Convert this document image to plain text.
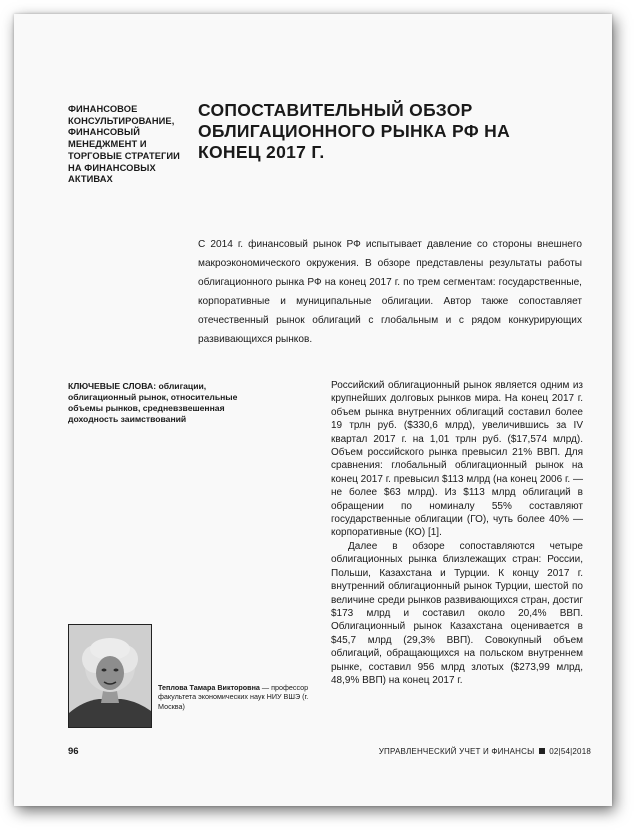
ФИНАНСОВОЕ КОНСУЛЬТИРОВАНИЕ, ФИНАНСОВЫЙ МЕНЕДЖМЕНТ И ТОРГОВЫЕ СТРАТЕГИИ НА ФИНАНСОВЫХ АКТИВАХ
СОПОСТАВИТЕЛЬНЫЙ ОБЗОР ОБЛИГАЦИОННОГО РЫНКА РФ НА КОНЕЦ 2017 Г.
С 2014 г. финансовый рынок РФ испытывает давление со стороны внешнего макроэкономического окружения. В обзоре представлены результаты работы облигационного рынка РФ на конец 2017 г. по трем сегментам: государственные, корпоративные и муниципальные облигации. Автор также сопоставляет отечественный рынок облигаций с глобальным и с рядом конкурирующих развивающихся рынков.
КЛЮЧЕВЫЕ СЛОВА: облигации, облигационный рынок, относительные объемы рынков, средневзвешенная доходность заимствований

Российский облигационный рынок является одним из крупнейших долговых рынков мира. На конец 2017 г. объем рынка внутренних облигаций составил более 19 трлн руб. ($330,6 млрд), увеличившись за IV квартал 2017 г. на 1,01 трлн руб. ($17,574 млрд). Объем российского рынка превысил 21% ВВП. Для сравнения: глобальный облигационный рынок на конец 2017 г. превысил $113 млрд (на конец 2006 г. — не более $63 млрд). Из $113 млрд облигаций в обращении по номиналу 55% составляют государственные облигации (ГО), чуть более 40% — корпоративные (КО) [1].

Далее в обзоре сопоставляются четыре облигационных рынка близлежащих стран: России, Польши, Казахстана и Турции. К концу 2017 г. внутренний облигационный рынок Турции, шестой по величине среди рынков развивающихся стран, достиг $173 млрд и составил около 20,4% ВВП. Облигационный рынок Казахстана оценивается в $45,7 млрд (29,3% ВВП). Совокупный объем облигаций, обращающихся на польском внутреннем рынке, составил 956 млрд злотых ($273,99 млрд, 48,9% ВВП) на конец 2017 г.

Теплова Тамара Викторовна — профессор факультета экономических наук НИУ ВШЭ (г. Москва)
96	УПРАВЛЕНЧЕСКИЙ УЧЕТ И ФИНАНСЫ 02|54|2018
